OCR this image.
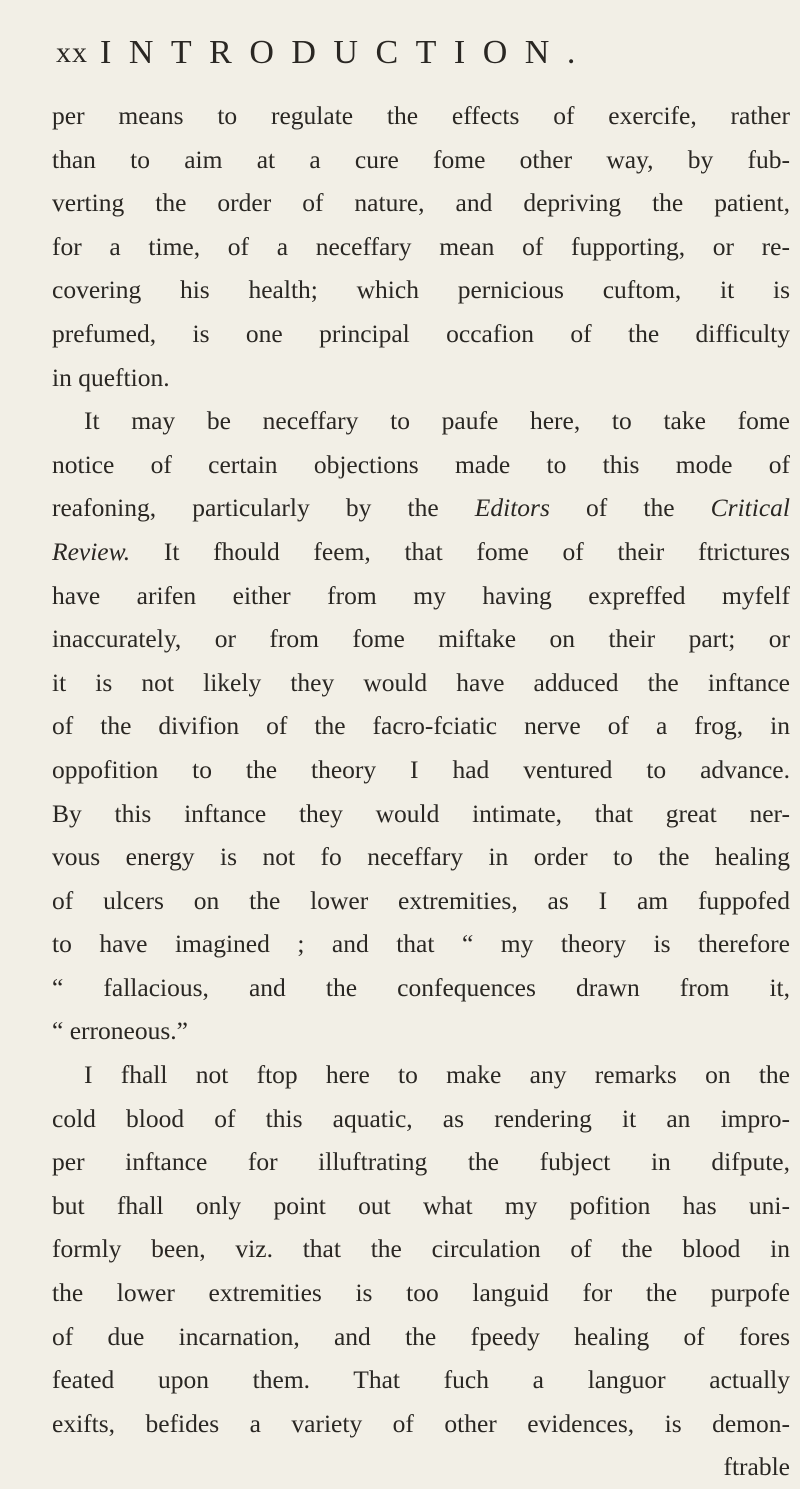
xx INTRODUCTION.
per means to regulate the effects of exercife, rather
than to aim at a cure fome other way, by fub-
verting the order of nature, and depriving the patient,
for a time, of a neceffary mean of fupporting, or re-
covering his health; which pernicious cuftom, it is
prefumed, is one principal occafion of the difficulty
in queftion.
It may be neceffary to paufe here, to take fome
notice of certain objections made to this mode of
reafoning, particularly by the Editors of the Critical
Review. It fhould feem, that fome of their ftrictures
have arifen either from my having expreffed myfelf
inaccurately, or from fome miftake on their part; or
it is not likely they would have adduced the inftance
of the divifion of the facro-fciatic nerve of a frog, in
oppofition to the theory I had ventured to advance.
By this inftance they would intimate, that great ner-
vous energy is not fo neceffary in order to the healing
of ulcers on the lower extremities, as I am fuppofed
to have imagined ; and that “ my theory is therefore
“ fallacious, and the confequences drawn from it,
“ erroneous.”
I fhall not ftop here to make any remarks on the
cold blood of this aquatic, as rendering it an impro-
per inftance for illuftrating the fubject in difpute,
but fhall only point out what my pofition has uni-
formly been, viz. that the circulation of the blood in
the lower extremities is too languid for the purpofe
of due incarnation, and the fpeedy healing of fores
feated upon them. That fuch a languor actually
exifts, befides a variety of other evidences, is demon-
ftrable
